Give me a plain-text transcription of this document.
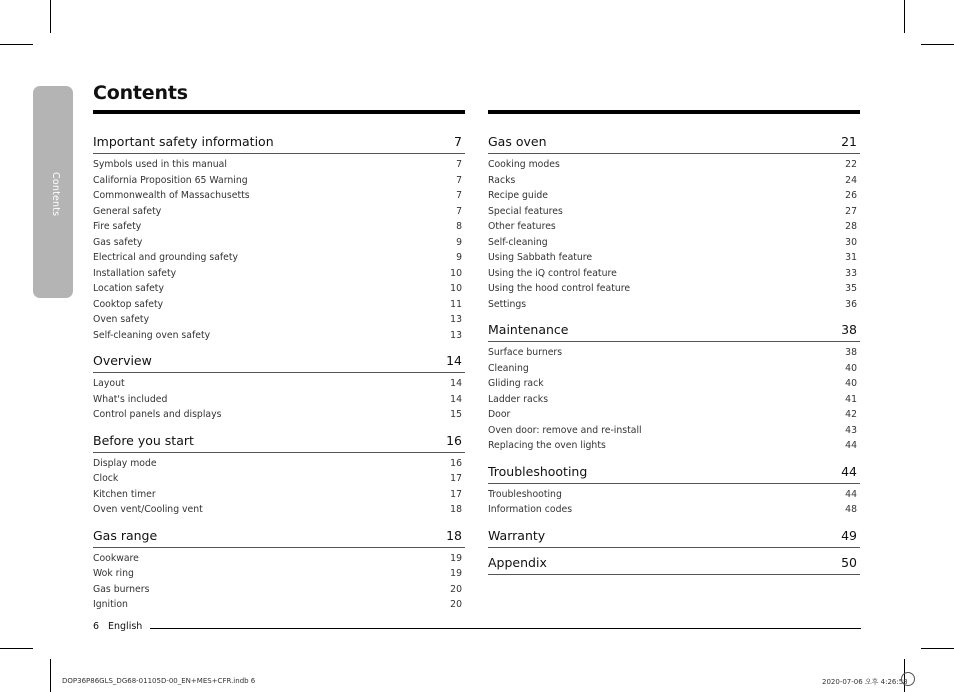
Contents
Contents
Important safety information	7
Symbols used in this manual	7
California Proposition 65 Warning	7
Commonwealth of Massachusetts	7
General safety	7
Fire safety	8
Gas safety	9
Electrical and grounding safety	9
Installation safety	10
Location safety	10
Cooktop safety	11
Oven safety	13
Self-cleaning oven safety	13
Overview	14
Layout	14
What's included	14
Control panels and displays	15
Before you start	16
Display mode	16
Clock	17
Kitchen timer	17
Oven vent/Cooling vent	18
Gas range	18
Cookware	19
Wok ring	19
Gas burners	20
Ignition	20
Gas oven	21
Cooking modes	22
Racks	24
Recipe guide	26
Special features	27
Other features	28
Self-cleaning	30
Using Sabbath feature	31
Using the iQ control feature	33
Using the hood control feature	35
Settings	36
Maintenance	38
Surface burners	38
Cleaning	40
Gliding rack	40
Ladder racks	41
Door	42
Oven door: remove and re-install	43
Replacing the oven lights	44
Troubleshooting	44
Troubleshooting	44
Information codes	48
Warranty	49
Appendix	50
6 English
DOP36P86GLS_DG68-01105D-00_EN+MES+CFR.indb 6	2020-07-06 오후 4:26:58
